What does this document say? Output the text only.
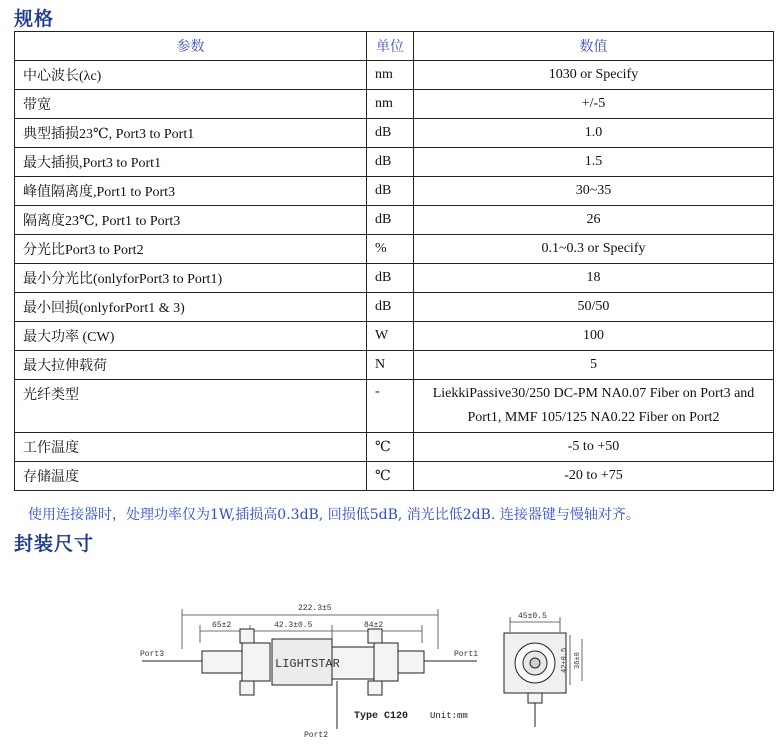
规格
参数	单位	数值
中心波长(λc)	nm	1030 or Specify
带宽	nm	+/-5
典型插损23℃, Port3 to Port1	dB	1.0
最大插损,Port3 to Port1	dB	1.5
峰值隔离度,Port1 to Port3	dB	30~35
隔离度23℃, Port1 to Port3	dB	26
分光比Port3 to Port2	%	0.1~0.3 or Specify
最小分光比(onlyforPort3 to Port1)	dB	18
最小回损(onlyforPort1 & 3)	dB	50/50
最大功率 (CW)	W	100
最大拉伸载荷	N	5
光纤类型	-	LiekkiPassive30/250 DC-PM NA0.07 Fiber on Port3 and
Port1, MMF 105/125 NA0.22 Fiber on Port2

工作温度	℃	-5 to +50
存储温度	℃	-20 to +75
使用连接器时，处理功率仅为1W,插损高0.3dB, 回损低5dB, 消光比低2dB. 连接器键与慢轴对齐。
封装尺寸
222.3±5
65±2	42.3±0.5	84±2
45±0.5
Port3	Port1
Port2
42±0.5 36±0
LIGHTSTAR
Type C120 Unit:mm
